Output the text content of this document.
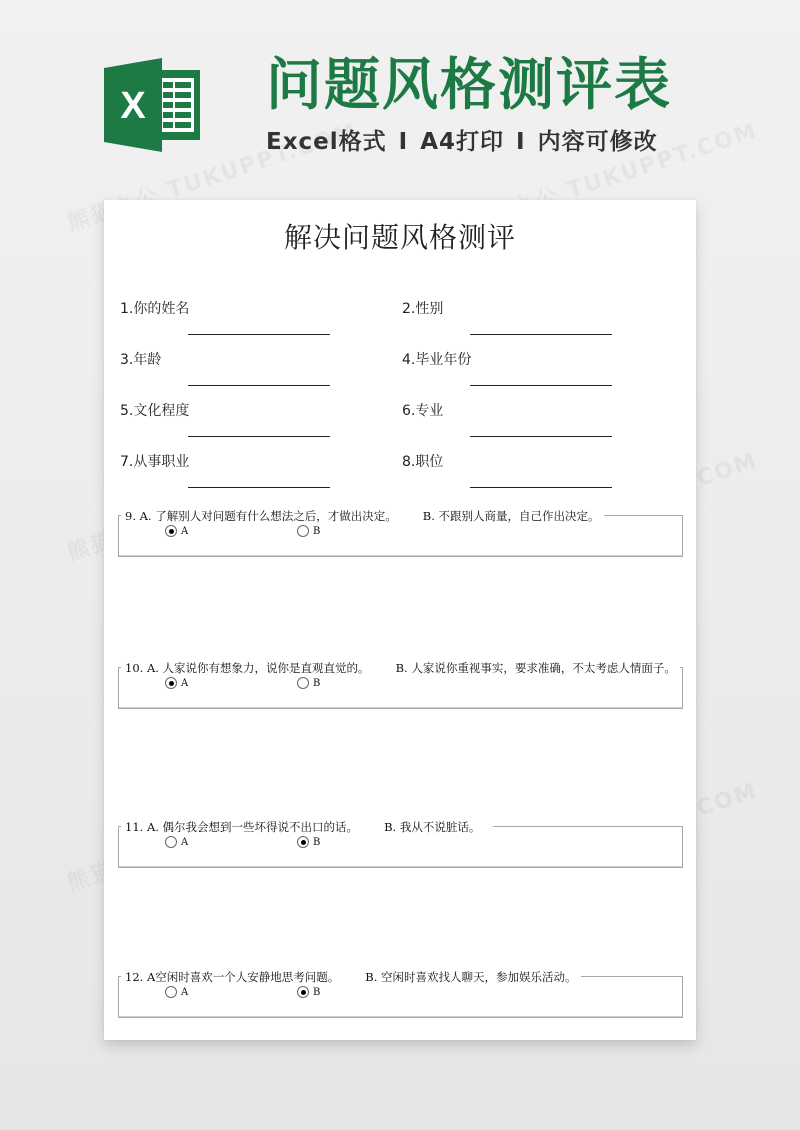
X 问题风格测评表
Excel格式 I A4打印 I 内容可修改
解决问题风格测评
1.你的姓名	2.性别
3.年龄	4.毕业年份
5.文化程度	6.专业
7.从事职业	8.职位
9. A. 了解别人对问题有什么想法之后，才做出决定。 B. 不跟别人商量，自己作出决定。
A	B
10. A. 人家说你有想象力，说你是直观直觉的。 B. 人家说你重视事实，要求准确，不太考虑人情面子。
A	B
11. A. 偶尔我会想到一些坏得说不出口的话。 B. 我从不说脏话。
A	B
12. A空闲时喜欢一个人安静地思考问题。 B. 空闲时喜欢找人聊天，参加娱乐活动。
A	B
